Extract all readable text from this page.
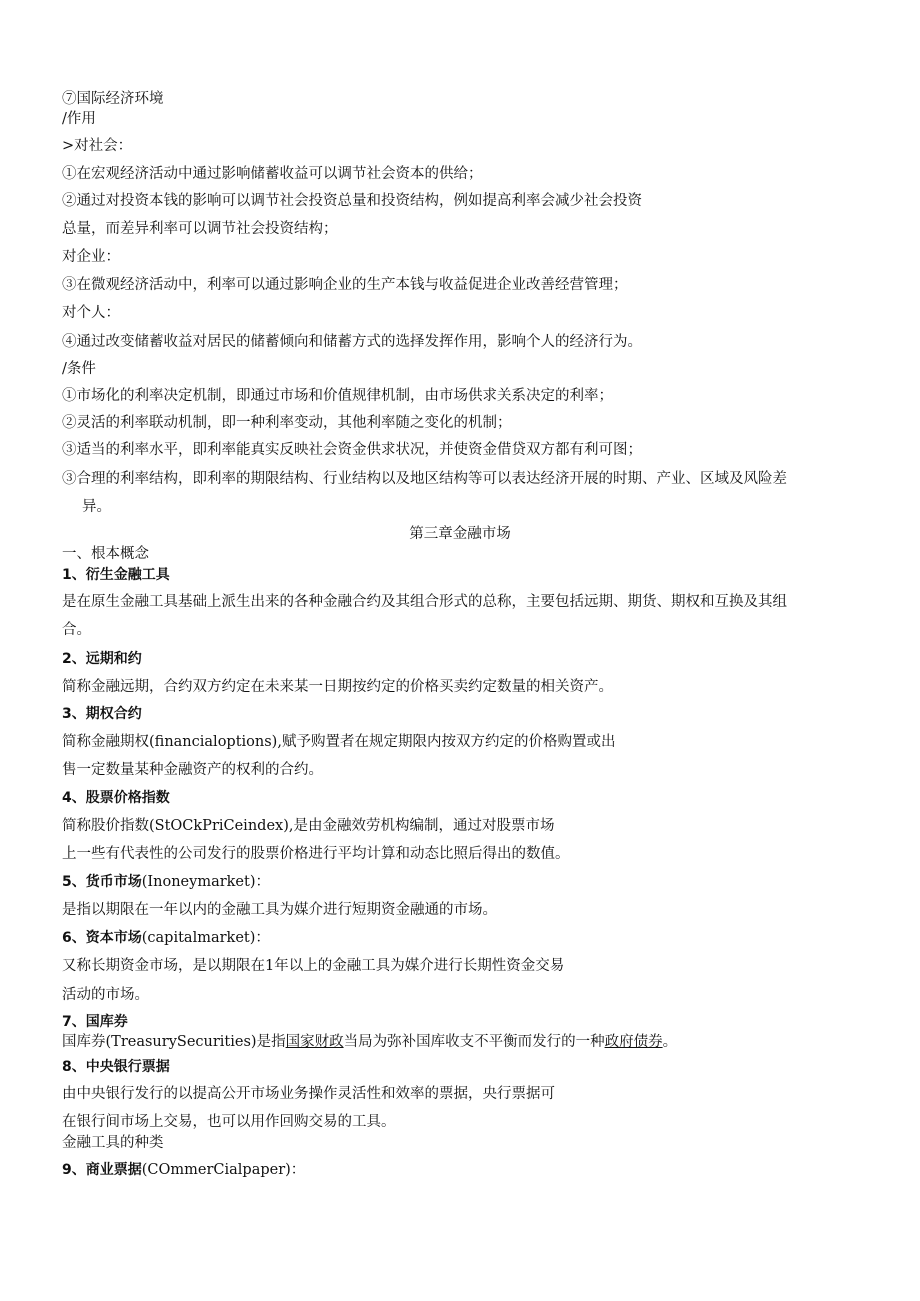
⑦国际经济环境
/作用
>对社会：
①在宏观经济活动中通过影响储蓄收益可以调节社会资本的供给；
②通过对投资本钱的影响可以调节社会投资总量和投资结构，例如提高利率会减少社会投资
总量，而差异利率可以调节社会投资结构；
对企业：
③在微观经济活动中，利率可以通过影响企业的生产本钱与收益促进企业改善经营管理；
对个人：
④通过改变储蓄收益对居民的储蓄倾向和储蓄方式的选择发挥作用，影响个人的经济行为。
/条件
①市场化的利率决定机制，即通过市场和价值规律机制，由市场供求关系决定的利率；
②灵活的利率联动机制，即一种利率变动，其他利率随之变化的机制；
③适当的利率水平，即利率能真实反映社会资金供求状况，并使资金借贷双方都有利可图；
③合理的利率结构，即利率的期限结构、行业结构以及地区结构等可以表达经济开展的时期、产业、区域及风险差
异。
第三章金融市场
一、根本概念
1、衍生金融工具
是在原生金融工具基础上派生出来的各种金融合约及其组合形式的总称，主要包括远期、期货、期权和互换及其组
合。
2、远期和约
简称金融远期，合约双方约定在未来某一日期按约定的价格买卖约定数量的相关资产。
3、期权合约
简称金融期权(financialoptions),赋予购置者在规定期限内按双方约定的价格购置或出
售一定数量某种金融资产的权利的合约。
4、股票价格指数
简称股价指数(StOCkPriCeindex),是由金融效劳机构编制，通过对股票市场
上一些有代表性的公司发行的股票价格进行平均计算和动态比照后得出的数值。
5、货币市场(Inoneymarket)：
是指以期限在一年以内的金融工具为媒介进行短期资金融通的市场。
6、资本市场(capitalmarket)：
又称长期资金市场，是以期限在1年以上的金融工具为媒介进行长期性资金交易
活动的市场。
7、国库券
国库券(TreasurySecurities)是指国家财政当局为弥补国库收支不平衡而发行的一种政府债券。
8、中央银行票据
由中央银行发行的以提高公开市场业务操作灵活性和效率的票据，央行票据可
在银行间市场上交易，也可以用作回购交易的工具。
金融工具的种类
9、商业票据(COmmerCialpaper)：
